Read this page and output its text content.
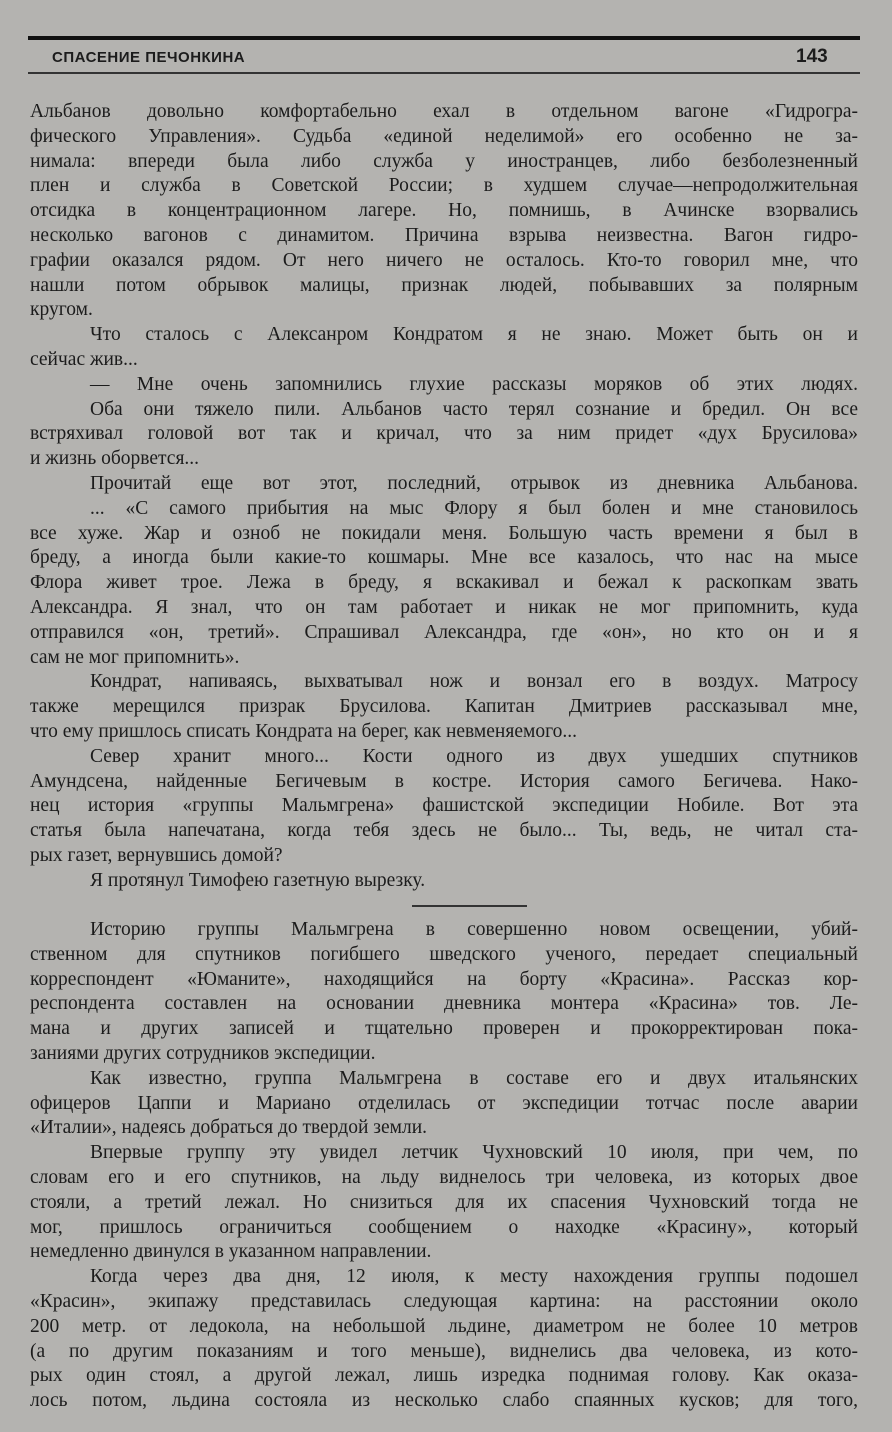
СПАСЕНИЕ ПЕЧОНКИНА	143
Альбанов довольно комфортабельно ехал в отдельном вагоне «Гидрогра-
фического Управления». Судьба «единой неделимой» его особенно не за-
нимала: впереди была либо служба у иностранцев, либо безболезненный
плен и служба в Советской России; в худшем случае—непродолжительная
отсидка в концентрационном лагере. Но, помнишь, в Ачинске взорвались
несколько вагонов с динамитом. Причина взрыва неизвестна. Вагон гидро-
графии оказался рядом. От него ничего не осталось. Кто-то говорил мне, что
нашли потом обрывок малицы, признак людей, побывавших за полярным
кругом.
Что сталось с Алексанром Кондратом я не знаю. Может быть он и
сейчас жив...
— Мне очень запомнились глухие рассказы моряков об этих людях.
Оба они тяжело пили. Альбанов часто терял сознание и бредил. Он все
встряхивал головой вот так и кричал, что за ним придет «дух Брусилова»
и жизнь оборвется...
Прочитай еще вот этот, последний, отрывок из дневника Альбанова.
... «С самого прибытия на мыс Флору я был болен и мне становилось
все хуже. Жар и озноб не покидали меня. Большую часть времени я был в
бреду, а иногда были какие-то кошмары. Мне все казалось, что нас на мысе
Флора живет трое. Лежа в бреду, я вскакивал и бежал к раскопкам звать
Александра. Я знал, что он там работает и никак не мог припомнить, куда
отправился «он, третий». Спрашивал Александра, где «он», но кто он и я
сам не мог припомнить».
Кондрат, напиваясь, выхватывал нож и вонзал его в воздух. Матросу
также мерещился призрак Брусилова. Капитан Дмитриев рассказывал мне,
что ему пришлось списать Кондрата на берег, как невменяемого...
Север хранит много... Кости одного из двух ушедших спутников
Амундсена, найденные Бегичевым в костре. История самого Бегичева. Нако-
нец история «группы Мальмгрена» фашистской экспедиции Нобиле. Вот эта
статья была напечатана, когда тебя здесь не было... Ты, ведь, не читал ста-
рых газет, вернувшись домой?
Я протянул Тимофею газетную вырезку.
Историю группы Мальмгрена в совершенно новом освещении, убий-
ственном для спутников погибшего шведского ученого, передает специальный
корреспондент «Юманите», находящийся на борту «Красина». Рассказ кор-
респондента составлен на основании дневника монтера «Красина» тов. Ле-
мана и других записей и тщательно проверен и прокорректирован пока-
заниями других сотрудников экспедиции.
Как известно, группа Мальмгрена в составе его и двух итальянских
офицеров Цаппи и Мариано отделилась от экспедиции тотчас после аварии
«Италии», надеясь добраться до твердой земли.
Впервые группу эту увидел летчик Чухновский 10 июля, при чем, по
словам его и его спутников, на льду виднелось три человека, из которых двое
стояли, а третий лежал. Но снизиться для их спасения Чухновский тогда не
мог, пришлось ограничиться сообщением о находке «Красину», который
немедленно двинулся в указанном направлении.
Когда через два дня, 12 июля, к месту нахождения группы подошел
«Красин», экипажу представилась следующая картина: на расстоянии около
200 метр. от ледокола, на небольшой льдине, диаметром не более 10 метров
(а по другим показаниям и того меньше), виднелись два человека, из кото-
рых один стоял, а другой лежал, лишь изредка поднимая голову. Как оказа-
лось потом, льдина состояла из несколько слабо спаянных кусков; для того,
